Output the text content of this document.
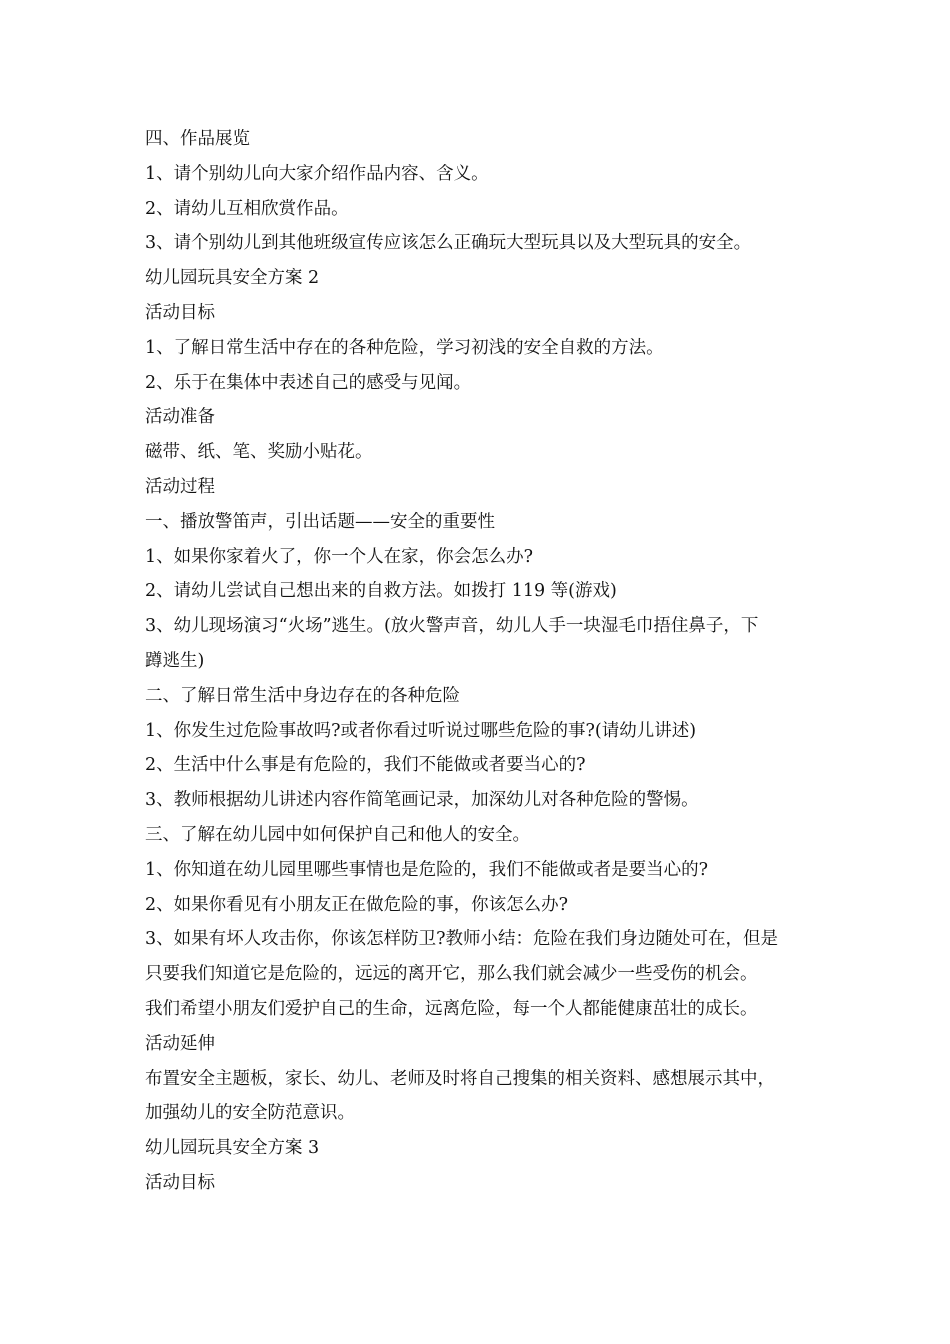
四、作品展览
1、请个别幼儿向大家介绍作品内容、含义。
2、请幼儿互相欣赏作品。
3、请个别幼儿到其他班级宣传应该怎么正确玩大型玩具以及大型玩具的安全。
幼儿园玩具安全方案 2
活动目标
1、了解日常生活中存在的各种危险，学习初浅的安全自救的方法。
2、乐于在集体中表述自己的感受与见闻。
活动准备
磁带、纸、笔、奖励小贴花。
活动过程
一、播放警笛声，引出话题——安全的重要性
1、如果你家着火了，你一个人在家，你会怎么办?
2、请幼儿尝试自己想出来的自救方法。如拨打 119 等(游戏)
3、幼儿现场演习“火场”逃生。(放火警声音，幼儿人手一块湿毛巾捂住鼻子，下
蹲逃生)
二、了解日常生活中身边存在的各种危险
1、你发生过危险事故吗?或者你看过听说过哪些危险的事?(请幼儿讲述)
2、生活中什么事是有危险的，我们不能做或者要当心的?
3、教师根据幼儿讲述内容作简笔画记录，加深幼儿对各种危险的警惕。
三、了解在幼儿园中如何保护自己和他人的安全。
1、你知道在幼儿园里哪些事情也是危险的，我们不能做或者是要当心的?
2、如果你看见有小朋友正在做危险的事，你该怎么办?
3、如果有坏人攻击你，你该怎样防卫?教师小结：危险在我们身边随处可在，但是
只要我们知道它是危险的，远远的离开它，那么我们就会减少一些受伤的机会。
我们希望小朋友们爱护自己的生命，远离危险，每一个人都能健康茁壮的成长。
活动延伸
布置安全主题板，家长、幼儿、老师及时将自己搜集的相关资料、感想展示其中，
加强幼儿的安全防范意识。
幼儿园玩具安全方案 3
活动目标
